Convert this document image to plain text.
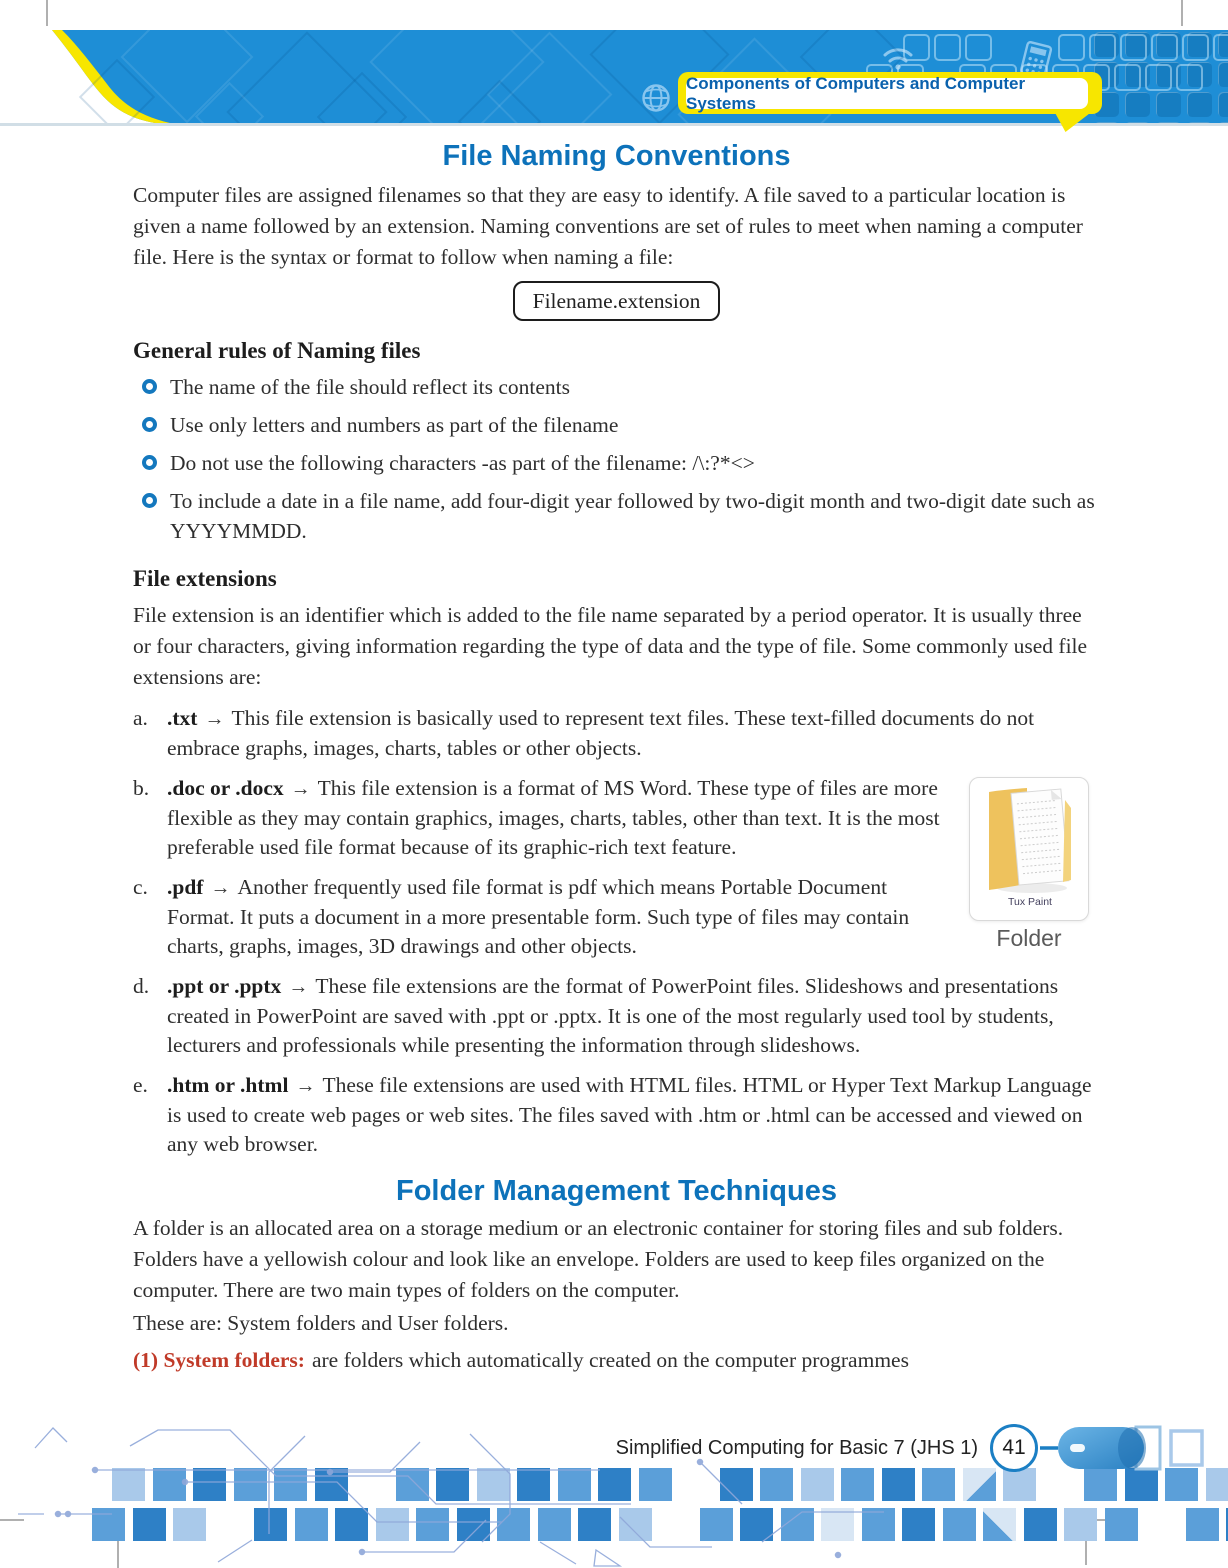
Components of Computers and Computer Systems
File Naming Conventions

Computer files are assigned filenames so that they are easy to identify. A file saved to a particular location is given a name followed by an extension. Naming conventions are set of rules to meet when naming a computer file. Here is the syntax or format to follow when naming a file:

Filename.extension
General rules of Naming files
The name of the file should reflect its contents
Use only letters and numbers as part of the filename
Do not use the following characters -as part of the filename: /\:?*<>
To include a date in a file name, add four-digit year followed by two-digit month and two-digit date such as YYYYMMDD.
File extensions

File extension is an identifier which is added to the file name separated by a period operator. It is usually three or four characters, giving information regarding the type of data and the type of file. Some commonly used file extensions are:

a. .txt → This file extension is basically used to represent text files. These text-filled documents do not embrace graphs, images, charts, tables or other objects.
Tux Paint
Folder
b. .doc or .docx → This file extension is a format of MS Word. These type of files are more flexible as they may contain graphics, images, charts, tables, other than text. It is the most preferable used file format because of its graphic-rich text feature.
c. .pdf → Another frequently used file format is pdf which means Portable Document Format. It puts a document in a more presentable form. Such type of files may contain charts, graphs, images, 3D drawings and other objects.
d. .ppt or .pptx → These file extensions are the format of PowerPoint files. Slideshows and presentations created in PowerPoint are saved with .ppt or .pptx. It is one of the most regularly used tool by students, lecturers and professionals while presenting the information through slideshows.
e. .htm or .html → These file extensions are used with HTML files. HTML or Hyper Text Markup Language is used to create web pages or web sites. The files saved with .htm or .html can be accessed and viewed on any web browser.
Folder Management Techniques

A folder is an allocated area on a storage medium or an electronic container for storing files and sub folders. Folders have a yellowish colour and look like an envelope. Folders are used to keep files organized on the computer. There are two main types of folders on the computer.

These are: System folders and User folders.

(1) System folders: are folders which automatically created on the computer programmes

Simplified Computing for Basic 7 (JHS 1) 41
